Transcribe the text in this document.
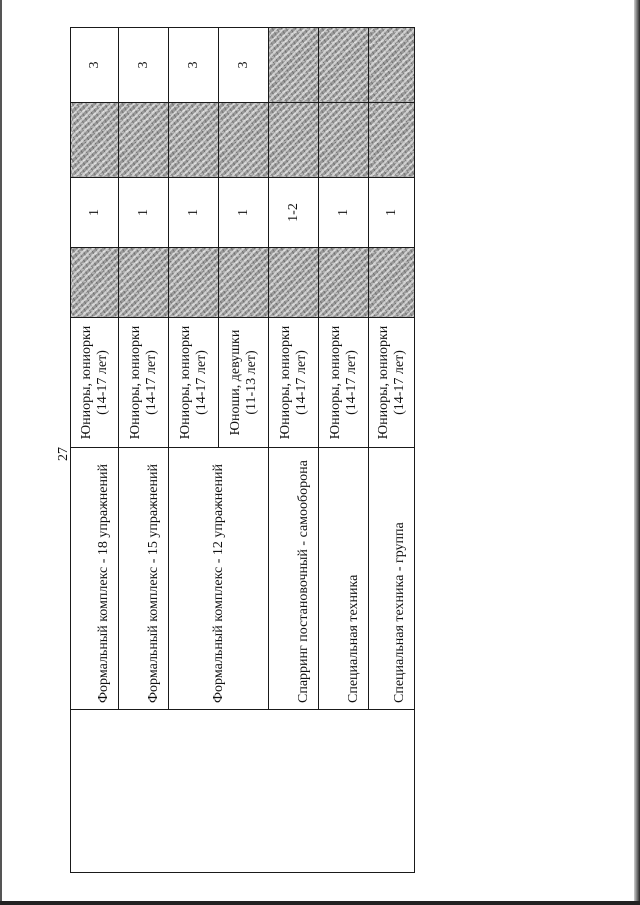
27
	Формальный комплекс - 18 упражнений	Юниоры, юниорки (14-17 лет)		1		3
	Формальный комплекс - 15 упражнений	Юниоры, юниорки (14-17 лет)		1		3
	Формальный комплекс - 12 упражнений	Юниоры, юниорки (14-17 лет)		1		3

		Юноши, девушки (11-13 лет)		1		3
	Спарринг постановочный - самооборона	Юниоры, юниорки (14-17 лет)		1-2		
	Специальная техника	Юниоры, юниорки (14-17 лет)		1		
	Специальная техника - группа	Юниоры, юниорки (14-17 лет)		1		
